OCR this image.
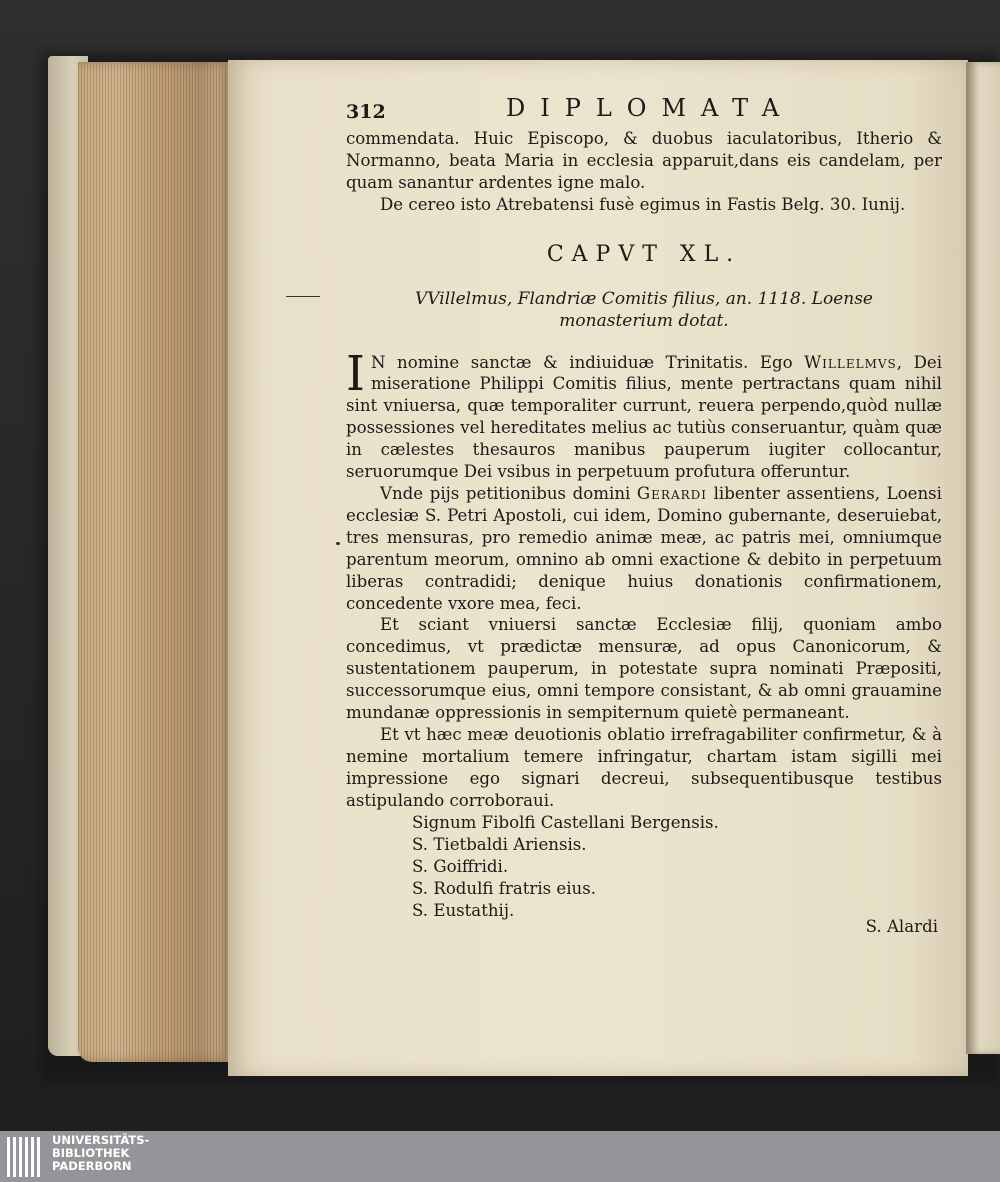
312	DIPLOMATA

commendata. Huic Episcopo, & duobus iaculatoribus, Itherio & Normanno, beata Maria in ecclesia apparuit,dans eis candelam, per quam sanantur ardentes igne malo.

De cereo isto Atrebatensi fusè egimus in Fastis Belg. 30. Iunij.

CAPVT XL.
VVillelmus, Flandriæ Comitis filius, an. 1118. Loense monasterium dotat.

I N nomine sanctæ & indiuiduæ Trinitatis. Ego Willelmvs, Dei miseratione Philippi Comitis filius, mente pertractans quam nihil sint vniuersa, quæ temporaliter currunt, reuera perpendo,quòd nullæ possessiones vel hereditates melius ac tutiùs conseruantur, quàm quæ in cælestes thesauros manibus pauperum iugiter collocantur, seruorumque Dei vsibus in perpetuum profutura offeruntur.

Vnde pijs petitionibus domini Gerardi libenter assentiens, Loensi ecclesiæ S. Petri Apostoli, cui idem, Domino gubernante, deseruiebat, tres mensuras, pro remedio animæ meæ, ac patris mei, omniumque parentum meorum, omnino ab omni exactione & debito in perpetuum liberas contradidi; denique huius donationis confirmationem, concedente vxore mea, feci.

Et sciant vniuersi sanctæ Ecclesiæ filij, quoniam ambo concedimus, vt prædictæ mensuræ, ad opus Canonicorum, & sustentationem pauperum, in potestate supra nominati Præpositi, successorumque eius, omni tempore consistant, & ab omni grauamine mundanæ oppressionis in sempiternum quietè permaneant.

Et vt hæc meæ deuotionis oblatio irrefragabiliter confirmetur, & à nemine mortalium temere infringatur, chartam istam sigilli mei impressione ego signari decreui, subsequentibusque testibus astipulando corroboraui.

Signum Fibolfi Castellani Bergensis.
S. Tietbaldi Ariensis.
S. Goiffridi.
S. Rodulfi fratris eius.
S. Eustathij.
S. Alardi
UNIVERSITÄTS-
BIBLIOTHEK
PADERBORN
